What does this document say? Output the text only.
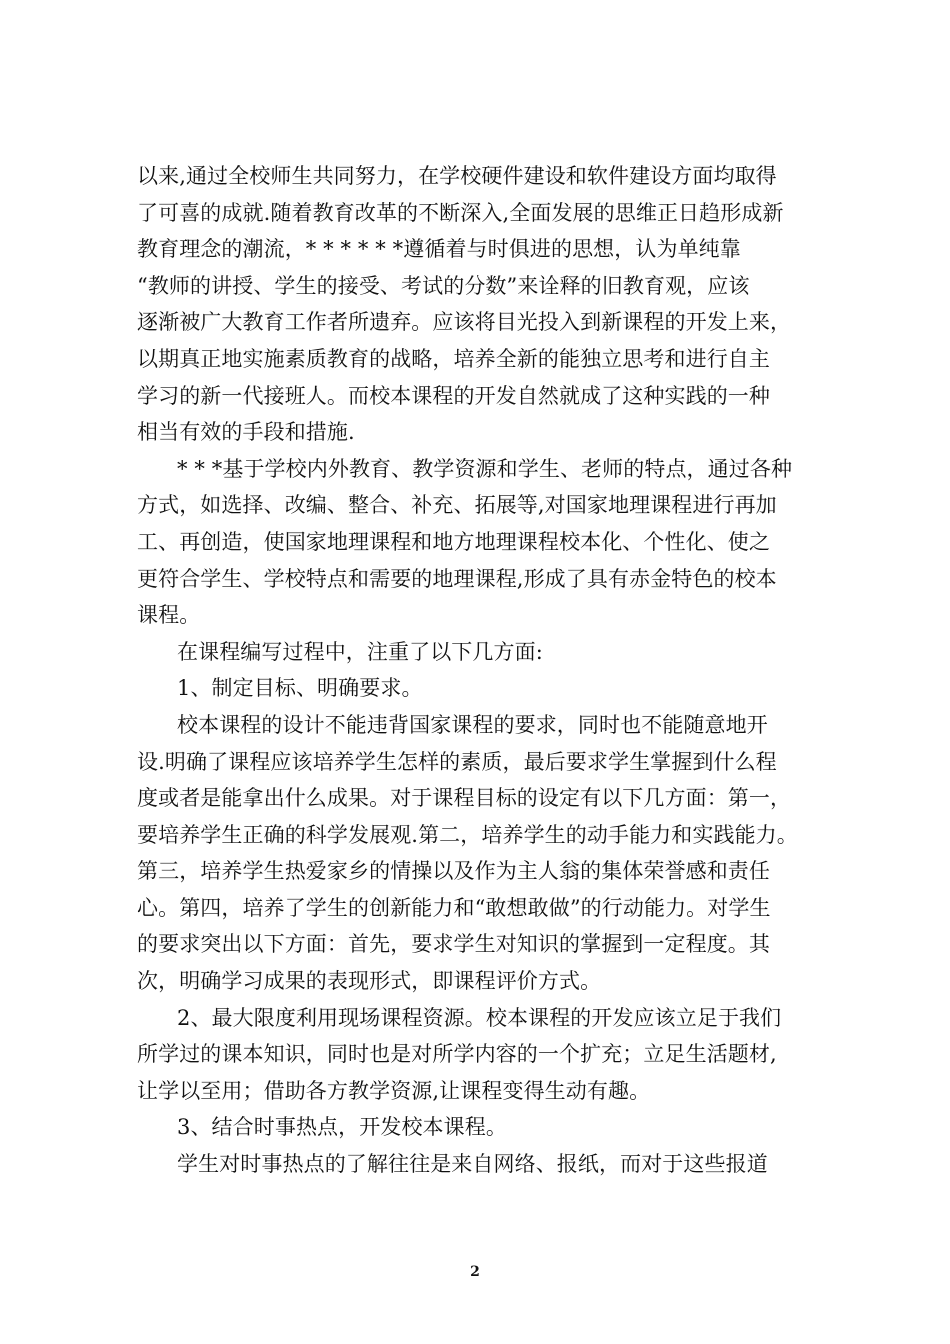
以来,通过全校师生共同努力，在学校硬件建设和软件建设方面均取得
了可喜的成就.随着教育改革的不断深入,全面发展的思维正日趋形成新
教育理念的潮流，* * * * * *遵循着与时俱进的思想，认为单纯靠
“教师的讲授、学生的接受、考试的分数”来诠释的旧教育观，应该
逐渐被广大教育工作者所遗弃。应该将目光投入到新课程的开发上来，
以期真正地实施素质教育的战略，培养全新的能独立思考和进行自主
学习的新一代接班人。而校本课程的开发自然就成了这种实践的一种
相当有效的手段和措施.
* * *基于学校内外教育、教学资源和学生、老师的特点，通过各种
方式，如选择、改编、整合、补充、拓展等,对国家地理课程进行再加
工、再创造，使国家地理课程和地方地理课程校本化、个性化、使之
更符合学生、学校特点和需要的地理课程,形成了具有赤金特色的校本
课程。
在课程编写过程中，注重了以下几方面:
1、制定目标、明确要求。
校本课程的设计不能违背国家课程的要求，同时也不能随意地开
设.明确了课程应该培养学生怎样的素质，最后要求学生掌握到什么程
度或者是能拿出什么成果。对于课程目标的设定有以下几方面：第一，
要培养学生正确的科学发展观.第二，培养学生的动手能力和实践能力。
第三，培养学生热爱家乡的情操以及作为主人翁的集体荣誉感和责任
心。第四，培养了学生的创新能力和“敢想敢做”的行动能力。对学生
的要求突出以下方面：首先，要求学生对知识的掌握到一定程度。其
次，明确学习成果的表现形式，即课程评价方式。
2、最大限度利用现场课程资源。校本课程的开发应该立足于我们
所学过的课本知识，同时也是对所学内容的一个扩充；立足生活题材,
让学以至用；借助各方教学资源,让课程变得生动有趣。
3、结合时事热点，开发校本课程。
学生对时事热点的了解往往是来自网络、报纸，而对于这些报道
2
